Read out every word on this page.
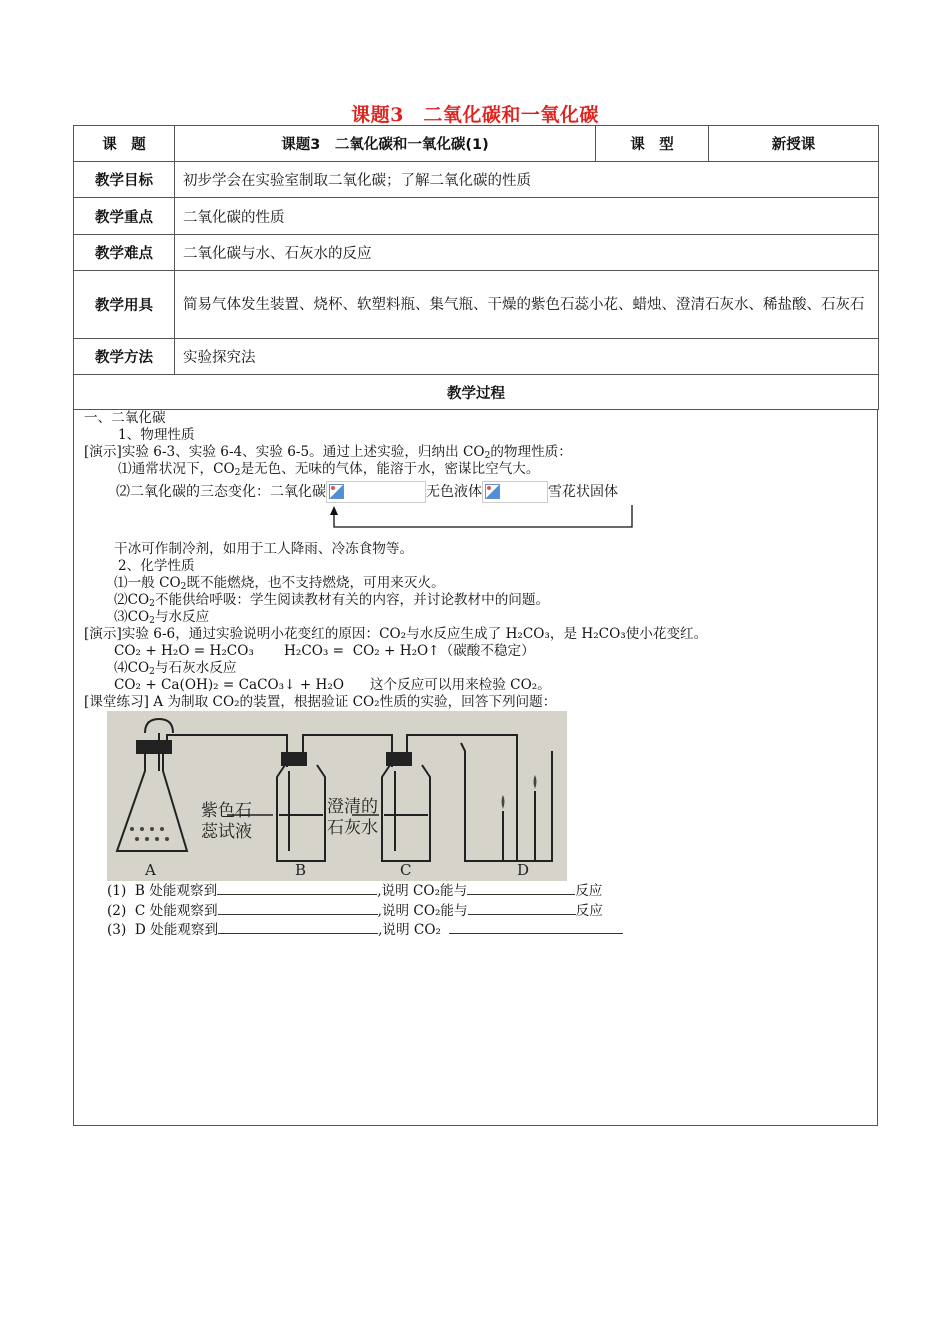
课题3　二氧化碳和一氧化碳
课　题	课题3　二氧化碳和一氧化碳(1)	课　型	新授课
教学目标	初步学会在实验室制取二氧化碳；了解二氧化碳的性质		
教学重点	二氧化碳的性质		
教学难点	二氧化碳与水、石灰水的反应		
教学用具	简易气体发生装置、烧杯、软塑料瓶、集气瓶、干燥的紫色石蕊小花、蜡烛、澄清石灰水、稀盐酸、石灰石		
教学方法	实验探究法		
教学过程			
一、二氧化碳
1、物理性质
[演示]实验 6-3、实验 6-4、实验 6-5。通过上述实验，归纳出 $CO_2$的物理性质：
⑴通常状况下，$CO_2$是无色、无味的气体，能溶于水，密谋比空气大。
⑵二氧化碳的三态变化：二氧化碳	无色液体	雪花状固体
干冰可作制冷剂，如用于工人降雨、冷冻食物等。
2、化学性质
⑴一般 $CO_2$既不能燃烧，也不支持燃烧，可用来灭火。
$⑵CO_2$不能供给呼吸：学生阅读教材有关的内容，并讨论教材中的问题。
$⑶CO_2$与水反应
[演示]实验 6-6，通过实验说明小花变红的原因：CO₂与水反应生成了 H₂CO₃，是 H₂CO₃使小花变红。
CO₂ + H₂O = H₂CO₃       H₂CO₃ =  CO₂ + H₂O↑（碳酸不稳定）
$⑷CO_2$与石灰水反应
CO₂ + Ca(OH)₂ = CaCO₃↓ + H₂O      这个反应可以用来检验 CO₂。
[课堂练习] A 为制取 CO₂的装置，根据验证 CO₂性质的实验，回答下列问题：
紫色石
蕊试液
澄清的
石灰水
A	B	C	D
(1)  B 处能观察到	,说明 CO₂能与	反应
(2)  C 处能观察到	,说明 CO₂能与	反应
(3)  D 处能观察到	,说明 CO₂
